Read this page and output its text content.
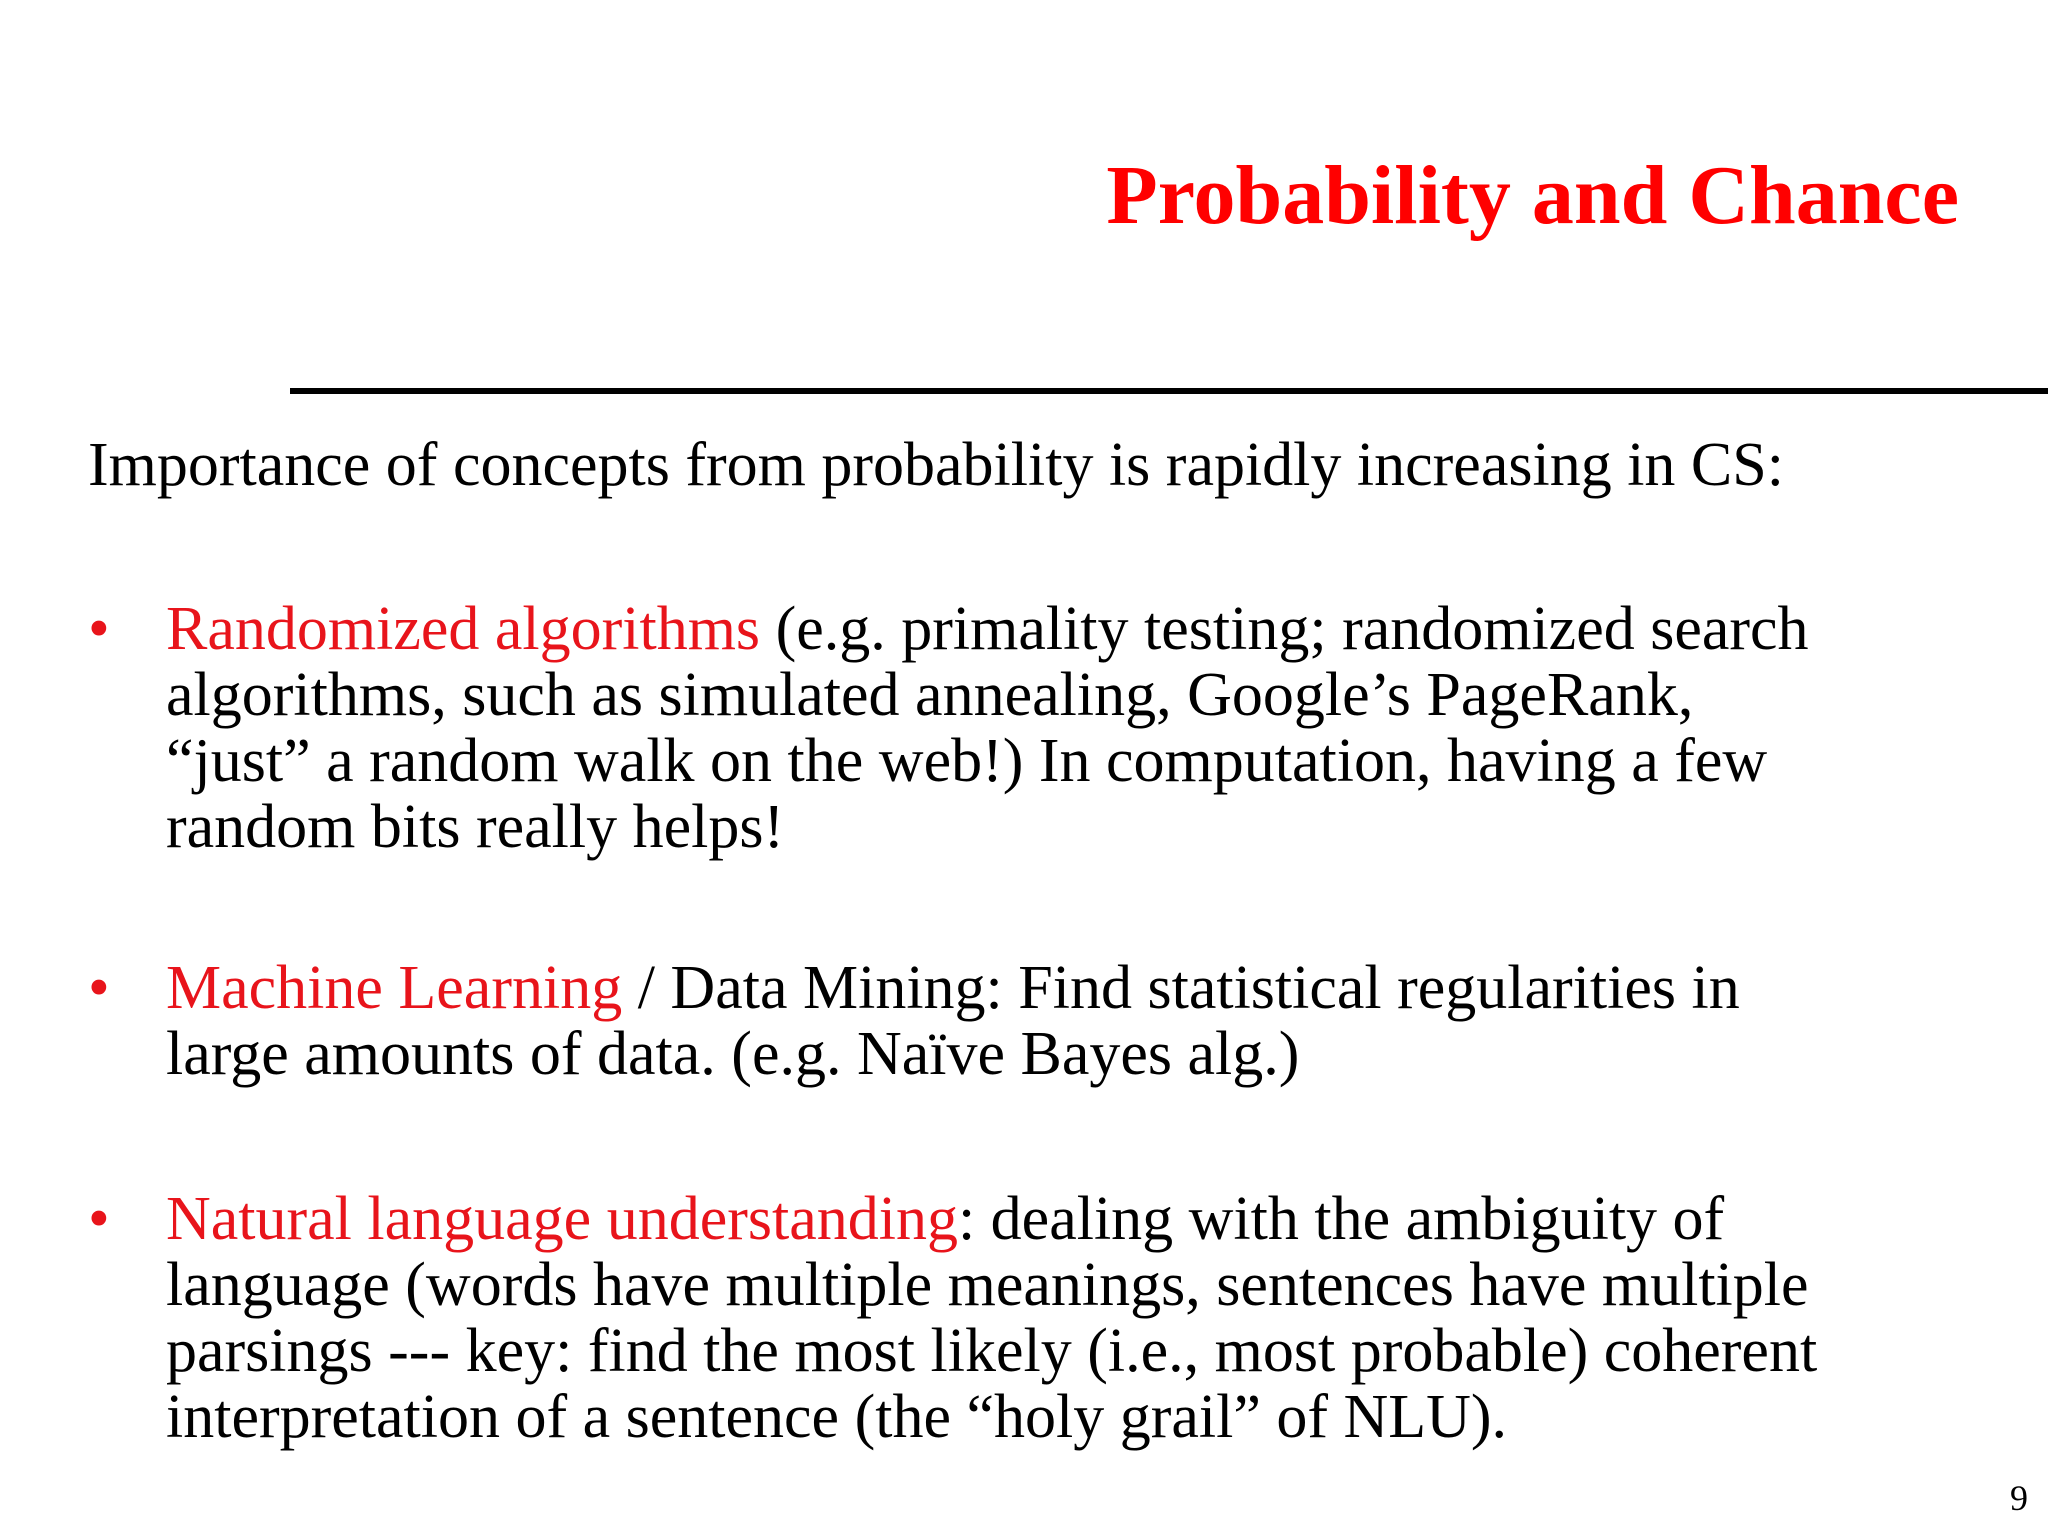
Probability and Chance
Importance of concepts from probability is rapidly increasing in CS:
• Randomized algorithms (e.g. primality testing; randomized search
algorithms, such as simulated annealing, Google’s PageRank,
“just” a random walk on the web!) In computation, having a few
random bits really helps!
• Machine Learning / Data Mining: Find statistical regularities in
large amounts of data. (e.g. Naïve Bayes alg.)
• Natural language understanding: dealing with the ambiguity of
language (words have multiple meanings, sentences have multiple
parsings --- key: find the most likely (i.e., most probable) coherent
interpretation of a sentence (the “holy grail” of NLU).
9
